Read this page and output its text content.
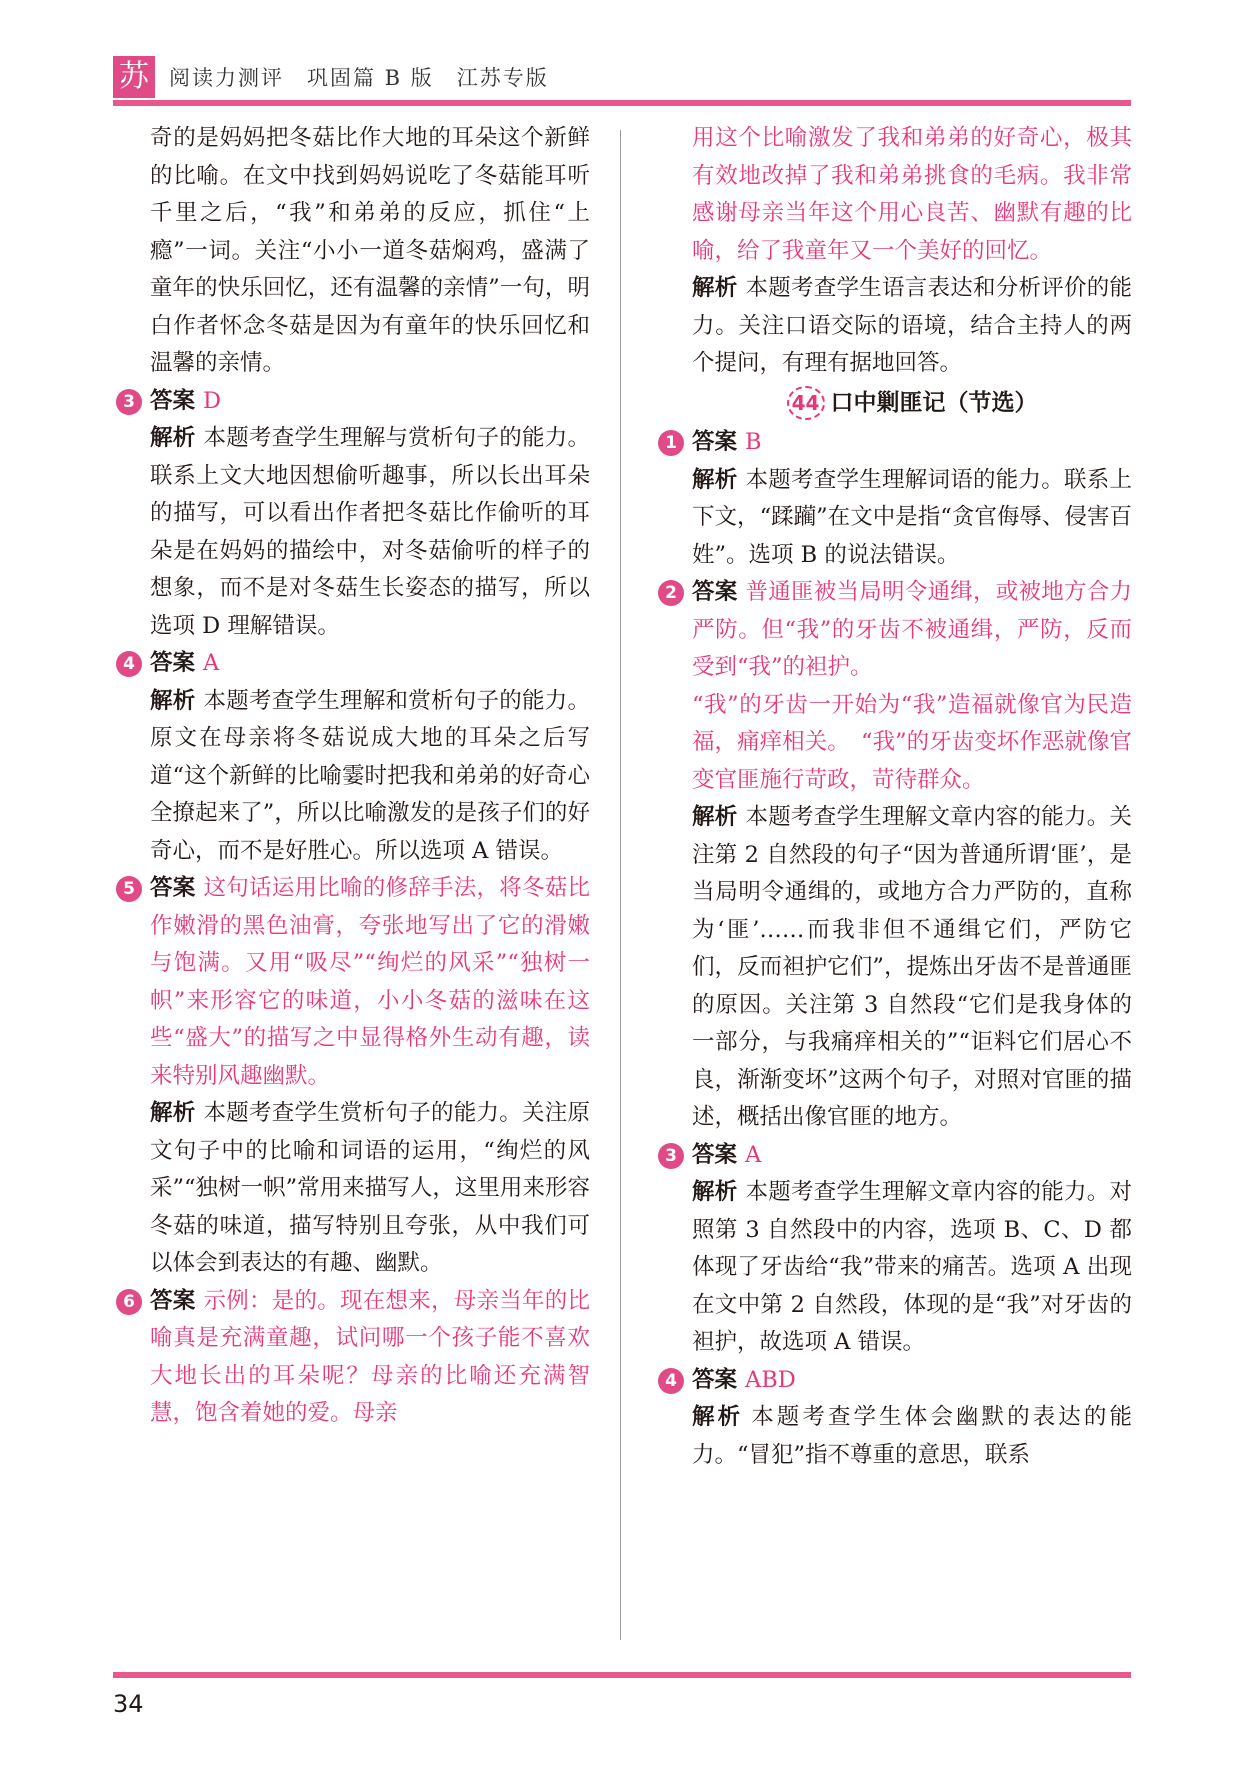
苏 阅读力测评　巩固篇 B 版　江苏专版

奇的是妈妈把冬菇比作大地的耳朵这个新鲜的比喻。在文中找到妈妈说吃了冬菇能耳听千里之后，“我”和弟弟的反应，抓住“上瘾”一词。关注“小小一道冬菇焖鸡，盛满了童年的快乐回忆，还有温馨的亲情”一句，明白作者怀念冬菇是因为有童年的快乐回忆和温馨的亲情。

3 答案 D

解析 本题考查学生理解与赏析句子的能力。联系上文大地因想偷听趣事，所以长出耳朵的描写，可以看出作者把冬菇比作偷听的耳朵是在妈妈的描绘中，对冬菇偷听的样子的想象，而不是对冬菇生长姿态的描写，所以选项 D 理解错误。

4 答案 A

解析 本题考查学生理解和赏析句子的能力。原文在母亲将冬菇说成大地的耳朵之后写道“这个新鲜的比喻霎时把我和弟弟的好奇心全撩起来了”，所以比喻激发的是孩子们的好奇心，而不是好胜心。所以选项 A 错误。

5 答案 这句话运用比喻的修辞手法，将冬菇比作嫩滑的黑色油膏，夸张地写出了它的滑嫩与饱满。又用“吸尽”“绚烂的风采”“独树一帜”来形容它的味道，小小冬菇的滋味在这些“盛大”的描写之中显得格外生动有趣，读来特别风趣幽默。

解析 本题考查学生赏析句子的能力。关注原文句子中的比喻和词语的运用，“绚烂的风采”“独树一帜”常用来描写人，这里用来形容冬菇的味道，描写特别且夸张，从中我们可以体会到表达的有趣、幽默。

6 答案 示例：是的。现在想来，母亲当年的比喻真是充满童趣，试问哪一个孩子能不喜欢大地长出的耳朵呢？母亲的比喻还充满智慧，饱含着她的爱。母亲

用这个比喻激发了我和弟弟的好奇心，极其有效地改掉了我和弟弟挑食的毛病。我非常感谢母亲当年这个用心良苦、幽默有趣的比喻，给了我童年又一个美好的回忆。

解析 本题考查学生语言表达和分析评价的能力。关注口语交际的语境，结合主持人的两个提问，有理有据地回答。

44 口中剿匪记（节选）
1 答案 B

解析 本题考查学生理解词语的能力。联系上下文，“蹂躏”在文中是指“贪官侮辱、侵害百姓”。选项 B 的说法错误。

2 答案 普通匪被当局明令通缉，或被地方合力严防。但“我”的牙齿不被通缉，严防，反而受到“我”的袒护。

“我”的牙齿一开始为“我”造福就像官为民造福，痛痒相关。　“我”的牙齿变坏作恶就像官变官匪施行苛政，苛待群众。

解析 本题考查学生理解文章内容的能力。关注第 2 自然段的句子“因为普通所谓‘匪’，是当局明令通缉的，或地方合力严防的，直称为‘匪’……而我非但不通缉它们，严防它们，反而袒护它们”，提炼出牙齿不是普通匪的原因。关注第 3 自然段“它们是我身体的一部分，与我痛痒相关的”“讵料它们居心不良，渐渐变坏”这两个句子，对照对官匪的描述，概括出像官匪的地方。

3 答案 A

解析 本题考查学生理解文章内容的能力。对照第 3 自然段中的内容，选项 B、C、D 都体现了牙齿给“我”带来的痛苦。选项 A 出现在文中第 2 自然段，体现的是“我”对牙齿的袒护，故选项 A 错误。

4 答案 ABD

解析 本题考查学生体会幽默的表达的能力。“冒犯”指不尊重的意思，联系

34
